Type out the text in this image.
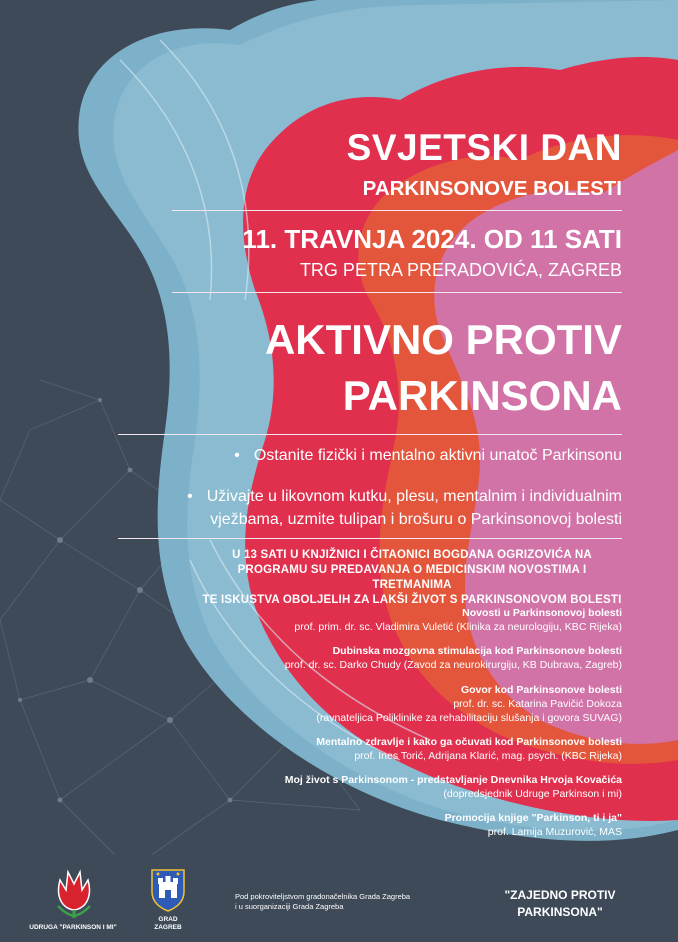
SVJETSKI DAN
PARKINSONOVE BOLESTI
11. TRAVNJA 2024. OD 11 SATI
TRG PETRA PRERADOVIĆA, ZAGREB
AKTIVNO PROTIV
PARKINSONA
• Ostanite fizički i mentalno aktivni unatoč Parkinsonu
• Uživajte u likovnom kutku, plesu, mentalnim i individualnim
vježbama, uzmite tulipan i brošuru o Parkinsonovoj bolesti
U 13 SATI U KNJIŽNICI I ČITAONICI BOGDANA OGRIZOVIĆA NA
PROGRAMU SU PREDAVANJA O MEDICINSKIM NOVOSTIMA I TRETMANIMA
TE ISKUSTVA OBOLJELIH ZA LAKŠI ŽIVOT S PARKINSONOVOM BOLESTI
Novosti u Parkinsonovoj bolesti
prof. prim. dr. sc. Vladimira Vuletić (Klinika za neurologiju, KBC Rijeka)
Dubinska mozgovna stimulacija kod Parkinsonove bolesti
prof. dr. sc. Darko Chudy (Zavod za neurokirurgiju, KB Dubrava, Zagreb)
Govor kod Parkinsonove bolesti
prof. dr. sc. Katarina Pavičić Dokoza
(ravnateljica Poliklinike za rehabilitaciju slušanja i govora SUVAG)
Mentalno zdravlje i kako ga očuvati kod Parkinsonove bolesti
prof. Ines Torić, Adrijana Klarić, mag. psych. (KBC Rijeka)
Moj život s Parkinsonom - predstavljanje Dnevnika Hrvoja Kovačića
(dopredsjednik Udruge Parkinson i mi)
Promocija knjige "Parkinson, ti i ja"
prof. Lamija Muzurović, MAS
UDRUGA "PARKINSON I MI"
GRAD
ZAGREB
Pod pokroviteljstvom gradonačelnika Grada Zagreba
i u suorganizaciji Grada Zagreba
"ZAJEDNO PROTIV
PARKINSONA"
